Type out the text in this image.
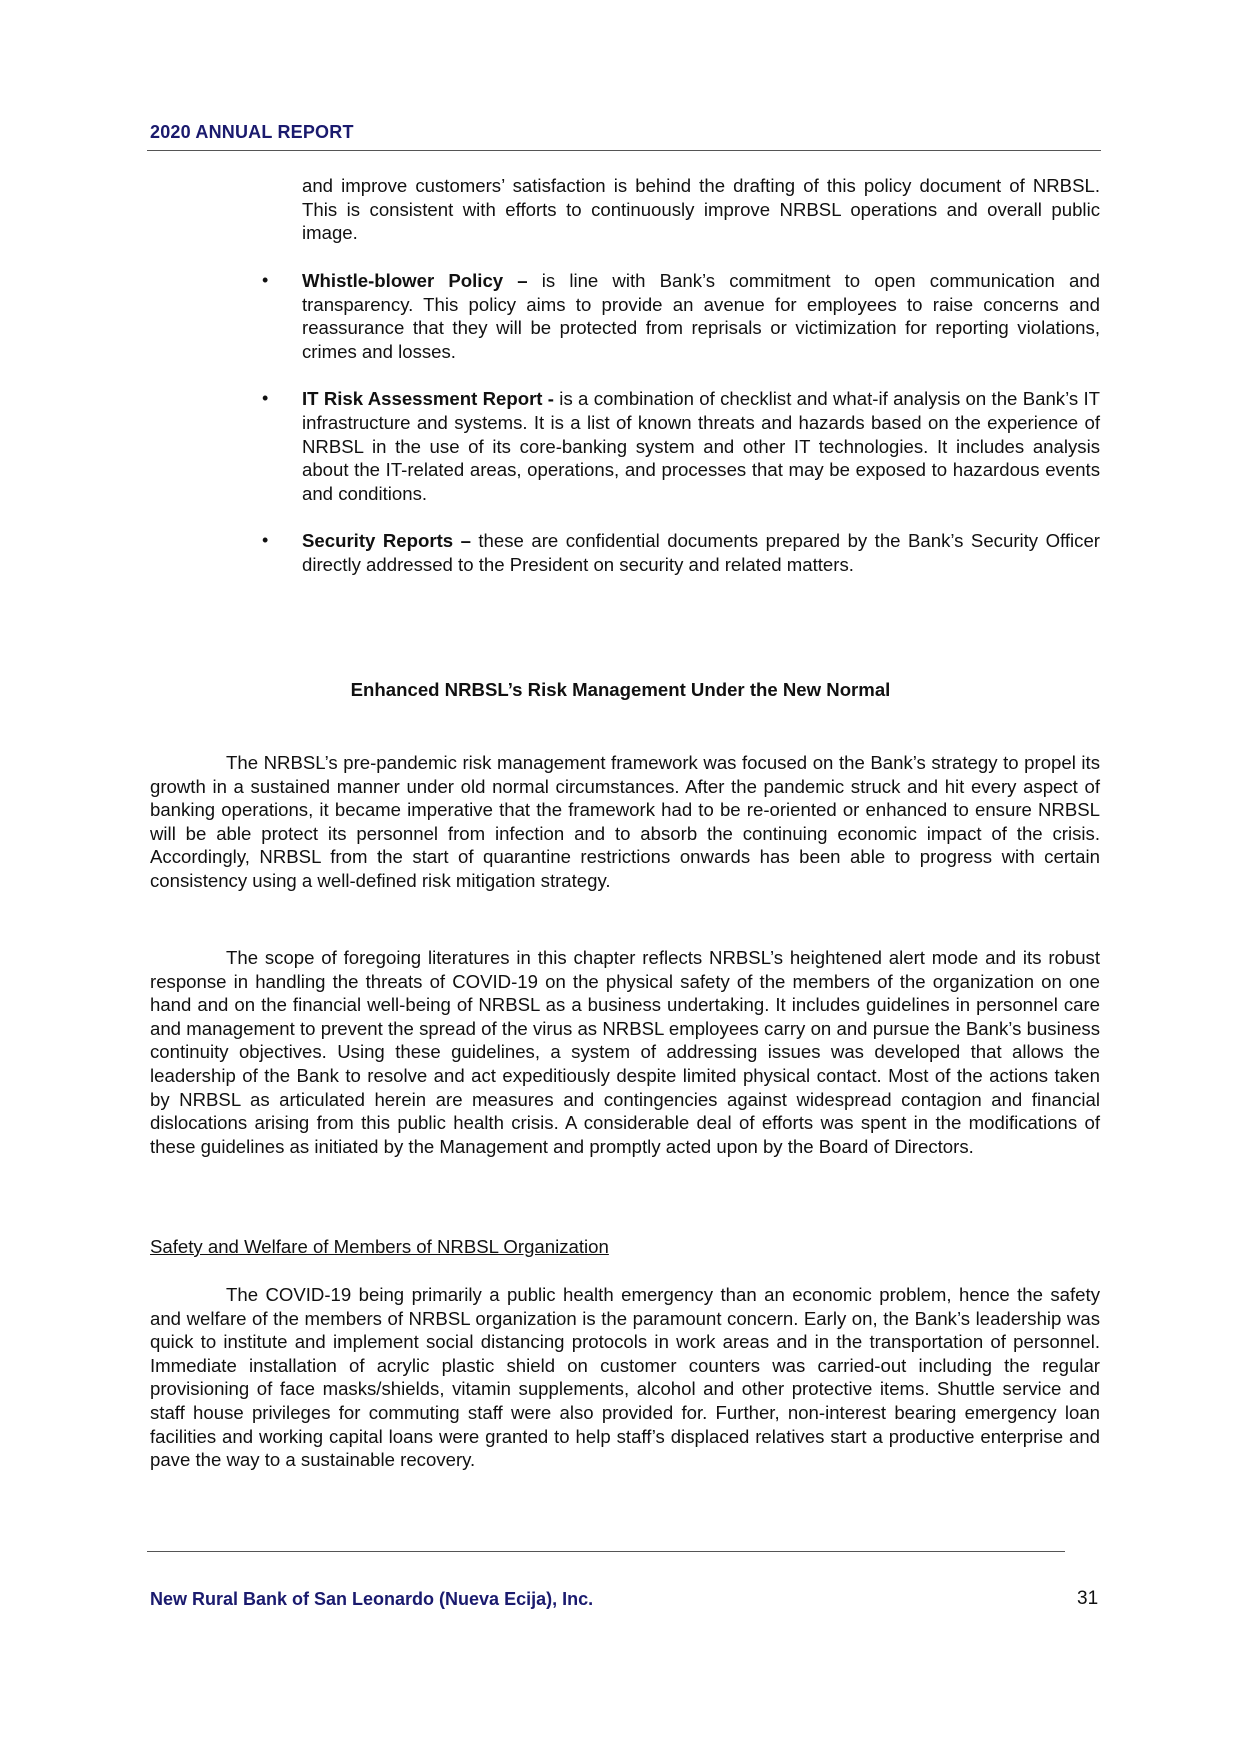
2020 ANNUAL REPORT

and improve customers’ satisfaction is behind the drafting of this policy document of NRBSL. This is consistent with efforts to continuously improve NRBSL operations and overall public image.

• Whistle-blower Policy – is line with Bank’s commitment to open communication and transparency. This policy aims to provide an avenue for employees to raise concerns and reassurance that they will be protected from reprisals or victimization for reporting violations, crimes and losses.
• IT Risk Assessment Report - is a combination of checklist and what-if analysis on the Bank’s IT infrastructure and systems. It is a list of known threats and hazards based on the experience of NRBSL in the use of its core-banking system and other IT technologies. It includes analysis about the IT-related areas, operations, and processes that may be exposed to hazardous events and conditions.
• Security Reports – these are confidential documents prepared by the Bank’s Security Officer directly addressed to the President on security and related matters.
Enhanced NRBSL’s Risk Management Under the New Normal

The NRBSL’s pre-pandemic risk management framework was focused on the Bank’s strategy to propel its growth in a sustained manner under old normal circumstances. After the pandemic struck and hit every aspect of banking operations, it became imperative that the framework had to be re-oriented or enhanced to ensure NRBSL will be able protect its personnel from infection and to absorb the continuing economic impact of the crisis. Accordingly, NRBSL from the start of quarantine restrictions onwards has been able to progress with certain consistency using a well-defined risk mitigation strategy.

The scope of foregoing literatures in this chapter reflects NRBSL’s heightened alert mode and its robust response in handling the threats of COVID-19 on the physical safety of the members of the organization on one hand and on the financial well-being of NRBSL as a business undertaking. It includes guidelines in personnel care and management to prevent the spread of the virus as NRBSL employees carry on and pursue the Bank’s business continuity objectives. Using these guidelines, a system of addressing issues was developed that allows the leadership of the Bank to resolve and act expeditiously despite limited physical contact. Most of the actions taken by NRBSL as articulated herein are measures and contingencies against widespread contagion and financial dislocations arising from this public health crisis. A considerable deal of efforts was spent in the modifications of these guidelines as initiated by the Management and promptly acted upon by the Board of Directors.

Safety and Welfare of Members of NRBSL Organization

The COVID-19 being primarily a public health emergency than an economic problem, hence the safety and welfare of the members of NRBSL organization is the paramount concern. Early on, the Bank’s leadership was quick to institute and implement social distancing protocols in work areas and in the transportation of personnel. Immediate installation of acrylic plastic shield on customer counters was carried-out including the regular provisioning of face masks/shields, vitamin supplements, alcohol and other protective items. Shuttle service and staff house privileges for commuting staff were also provided for. Further, non-interest bearing emergency loan facilities and working capital loans were granted to help staff’s displaced relatives start a productive enterprise and pave the way to a sustainable recovery.

New Rural Bank of San Leonardo (Nueva Ecija), Inc.	31
